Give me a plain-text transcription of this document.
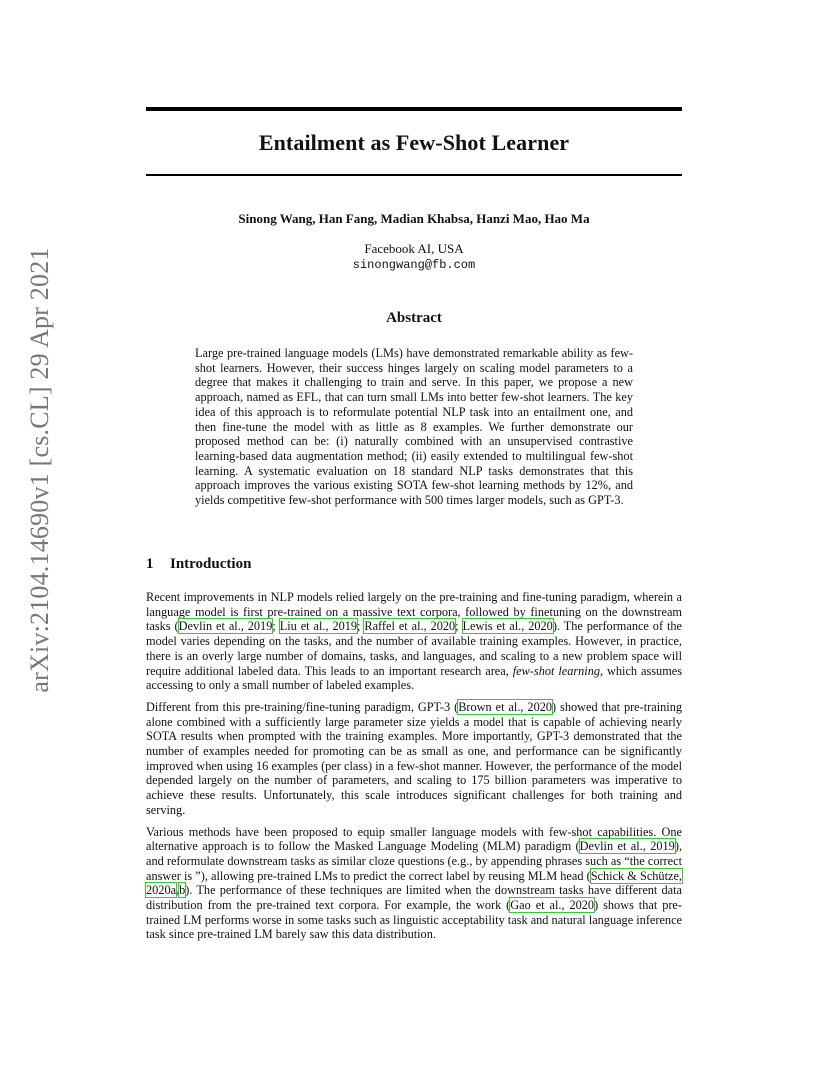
arXiv:2104.14690v1 [cs.CL] 29 Apr 2021
Entailment as Few-Shot Learner
Sinong Wang, Han Fang, Madian Khabsa, Hanzi Mao, Hao Ma
Facebook AI, USA
sinongwang@fb.com
Abstract
Large pre-trained language models (LMs) have demonstrated remarkable ability as few-shot learners. However, their success hinges largely on scaling model parameters to a degree that makes it challenging to train and serve. In this paper, we propose a new approach, named as EFL, that can turn small LMs into better few-shot learners. The key idea of this approach is to reformulate potential NLP task into an entailment one, and then fine-tune the model with as little as 8 examples. We further demonstrate our proposed method can be: (i) naturally combined with an unsupervised contrastive learning-based data augmentation method; (ii) easily extended to multilingual few-shot learning. A systematic evaluation on 18 standard NLP tasks demonstrates that this approach improves the various existing SOTA few-shot learning methods by 12%, and yields competitive few-shot performance with 500 times larger models, such as GPT-3.
1 Introduction

Recent improvements in NLP models relied largely on the pre-training and fine-tuning paradigm, wherein a language model is first pre-trained on a massive text corpora, followed by finetuning on the downstream tasks (Devlin et al., 2019; Liu et al., 2019; Raffel et al., 2020; Lewis et al., 2020). The performance of the model varies depending on the tasks, and the number of available training examples. However, in practice, there is an overly large number of domains, tasks, and languages, and scaling to a new problem space will require additional labeled data. This leads to an important research area, few-shot learning, which assumes accessing to only a small number of labeled examples.

Different from this pre-training/fine-tuning paradigm, GPT-3 (Brown et al., 2020) showed that pre-training alone combined with a sufficiently large parameter size yields a model that is capable of achieving nearly SOTA results when prompted with the training examples. More importantly, GPT-3 demonstrated that the number of examples needed for promoting can be as small as one, and performance can be significantly improved when using 16 examples (per class) in a few-shot manner. However, the performance of the model depended largely on the number of parameters, and scaling to 175 billion parameters was imperative to achieve these results. Unfortunately, this scale introduces significant challenges for both training and serving.

Various methods have been proposed to equip smaller language models with few-shot capabilities. One alternative approach is to follow the Masked Language Modeling (MLM) paradigm (Devlin et al., 2019), and reformulate downstream tasks as similar cloze questions (e.g., by appending phrases such as “the correct answer is ”), allowing pre-trained LMs to predict the correct label by reusing MLM head (Schick & Schütze, 2020a,b). The performance of these techniques are limited when the downstream tasks have different data distribution from the pre-trained text corpora. For example, the work (Gao et al., 2020) shows that pre-trained LM performs worse in some tasks such as linguistic acceptability task and natural language inference task since pre-trained LM barely saw this data distribution.
